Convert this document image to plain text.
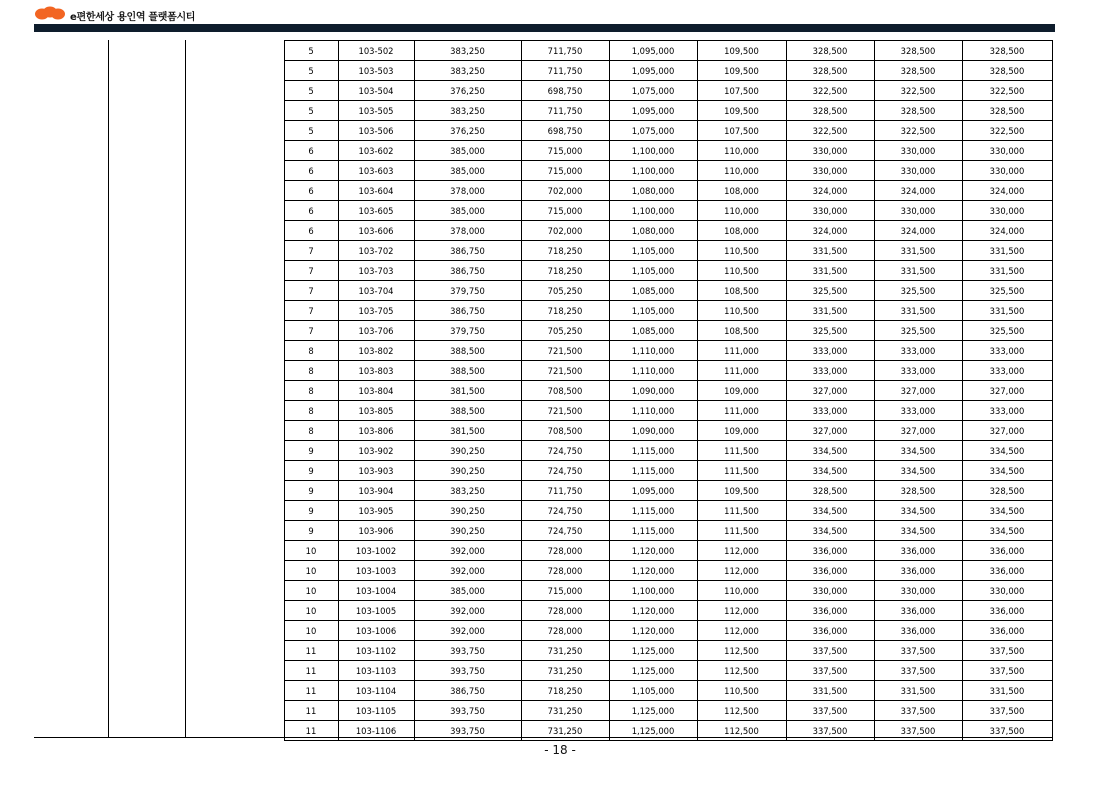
e편한세상 용인역 플랫폼시티
			5	103-502	383,250	711,750	1,095,000	109,500	328,500	328,500	328,500
			5	103-503	383,250	711,750	1,095,000	109,500	328,500	328,500	328,500
			5	103-504	376,250	698,750	1,075,000	107,500	322,500	322,500	322,500
			5	103-505	383,250	711,750	1,095,000	109,500	328,500	328,500	328,500
			5	103-506	376,250	698,750	1,075,000	107,500	322,500	322,500	322,500
			6	103-602	385,000	715,000	1,100,000	110,000	330,000	330,000	330,000
			6	103-603	385,000	715,000	1,100,000	110,000	330,000	330,000	330,000
			6	103-604	378,000	702,000	1,080,000	108,000	324,000	324,000	324,000
			6	103-605	385,000	715,000	1,100,000	110,000	330,000	330,000	330,000
			6	103-606	378,000	702,000	1,080,000	108,000	324,000	324,000	324,000
			7	103-702	386,750	718,250	1,105,000	110,500	331,500	331,500	331,500
			7	103-703	386,750	718,250	1,105,000	110,500	331,500	331,500	331,500
			7	103-704	379,750	705,250	1,085,000	108,500	325,500	325,500	325,500
			7	103-705	386,750	718,250	1,105,000	110,500	331,500	331,500	331,500
			7	103-706	379,750	705,250	1,085,000	108,500	325,500	325,500	325,500
			8	103-802	388,500	721,500	1,110,000	111,000	333,000	333,000	333,000
			8	103-803	388,500	721,500	1,110,000	111,000	333,000	333,000	333,000
			8	103-804	381,500	708,500	1,090,000	109,000	327,000	327,000	327,000
			8	103-805	388,500	721,500	1,110,000	111,000	333,000	333,000	333,000
			8	103-806	381,500	708,500	1,090,000	109,000	327,000	327,000	327,000
			9	103-902	390,250	724,750	1,115,000	111,500	334,500	334,500	334,500
			9	103-903	390,250	724,750	1,115,000	111,500	334,500	334,500	334,500
			9	103-904	383,250	711,750	1,095,000	109,500	328,500	328,500	328,500
			9	103-905	390,250	724,750	1,115,000	111,500	334,500	334,500	334,500
			9	103-906	390,250	724,750	1,115,000	111,500	334,500	334,500	334,500
			10	103-1002	392,000	728,000	1,120,000	112,000	336,000	336,000	336,000
			10	103-1003	392,000	728,000	1,120,000	112,000	336,000	336,000	336,000
			10	103-1004	385,000	715,000	1,100,000	110,000	330,000	330,000	330,000
			10	103-1005	392,000	728,000	1,120,000	112,000	336,000	336,000	336,000
			10	103-1006	392,000	728,000	1,120,000	112,000	336,000	336,000	336,000
			11	103-1102	393,750	731,250	1,125,000	112,500	337,500	337,500	337,500
			11	103-1103	393,750	731,250	1,125,000	112,500	337,500	337,500	337,500
			11	103-1104	386,750	718,250	1,105,000	110,500	331,500	331,500	331,500
			11	103-1105	393,750	731,250	1,125,000	112,500	337,500	337,500	337,500
			11	103-1106	393,750	731,250	1,125,000	112,500	337,500	337,500	337,500
- 18 -
